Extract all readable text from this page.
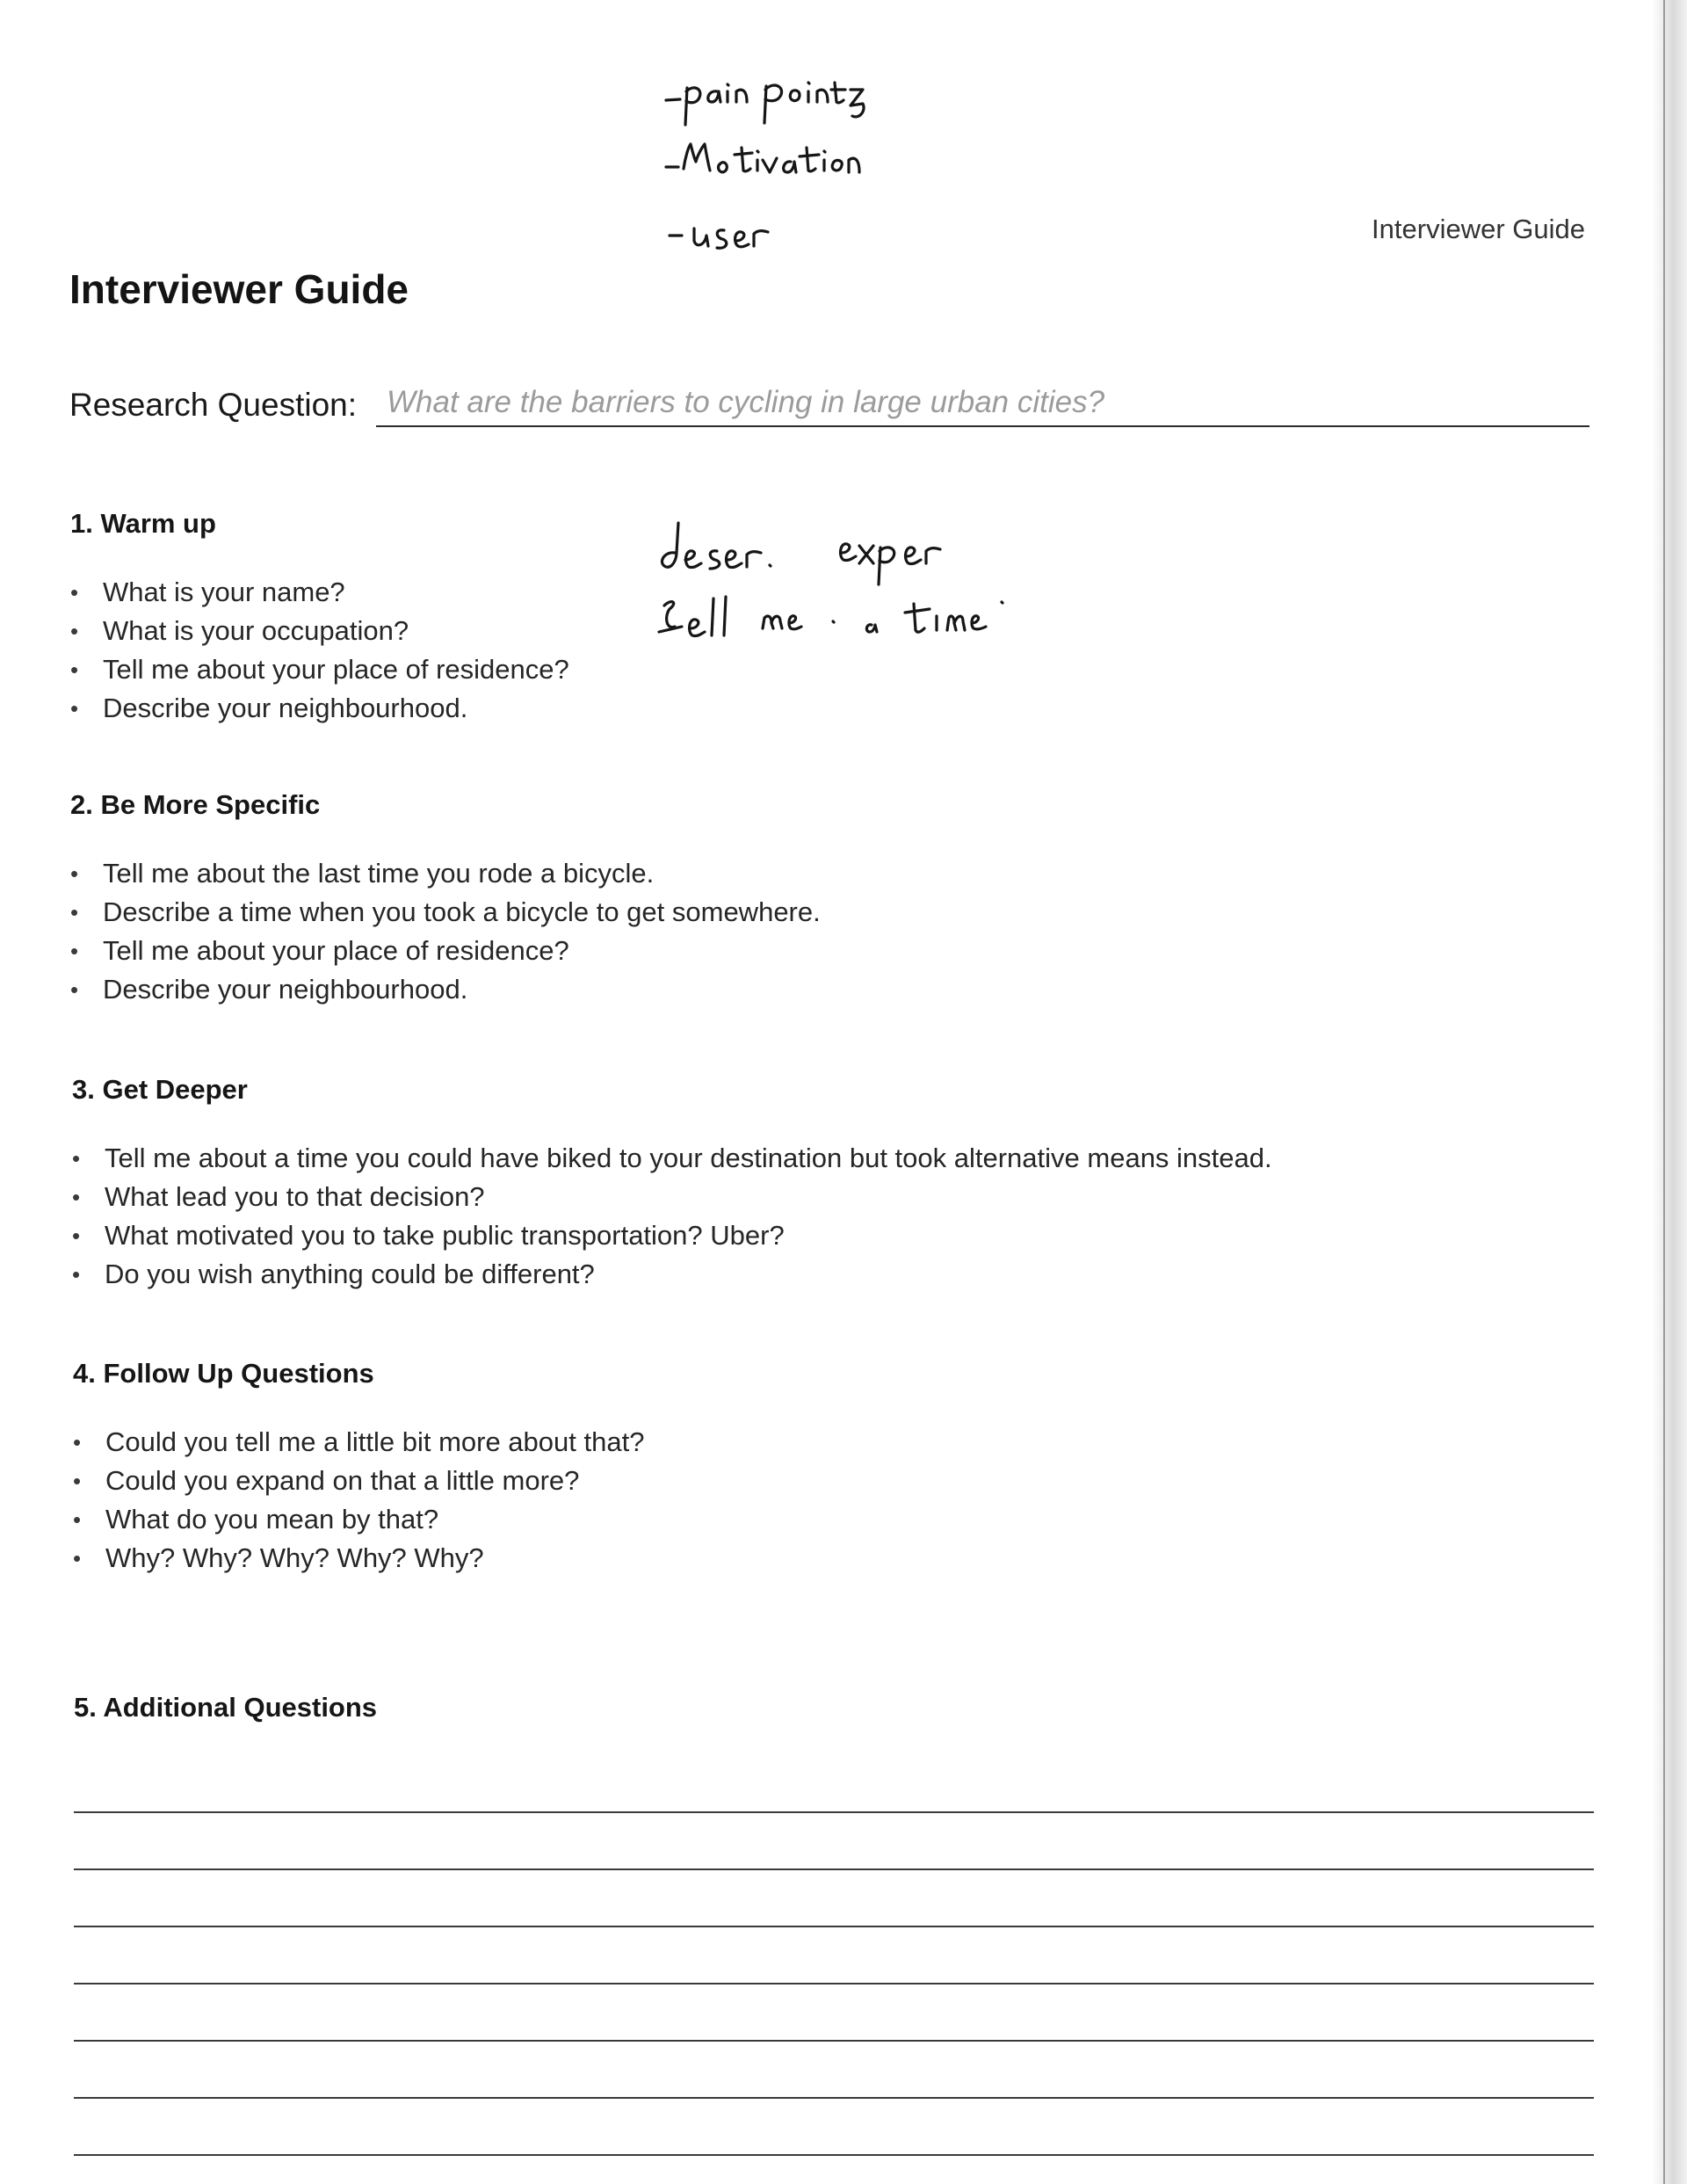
Interviewer Guide
Interviewer Guide
Research Question:
What are the barriers to cycling in large urban cities?
1. Warm up
• What is your name?
• What is your occupation?
• Tell me about your place of residence?
• Describe your neighbourhood.
2. Be More Specific
• Tell me about the last time you rode a bicycle.
• Describe a time when you took a bicycle to get somewhere.
• Tell me about your place of residence?
• Describe your neighbourhood.
3. Get Deeper
• Tell me about a time you could have biked to your destination but took alternative means instead.
• What lead you to that decision?
• What motivated you to take public transportation? Uber?
• Do you wish anything could be different?
4. Follow Up Questions
• Could you tell me a little bit more about that?
• Could you expand on that a little more?
• What do you mean by that?
• Why? Why? Why? Why? Why?
5. Additional Questions
